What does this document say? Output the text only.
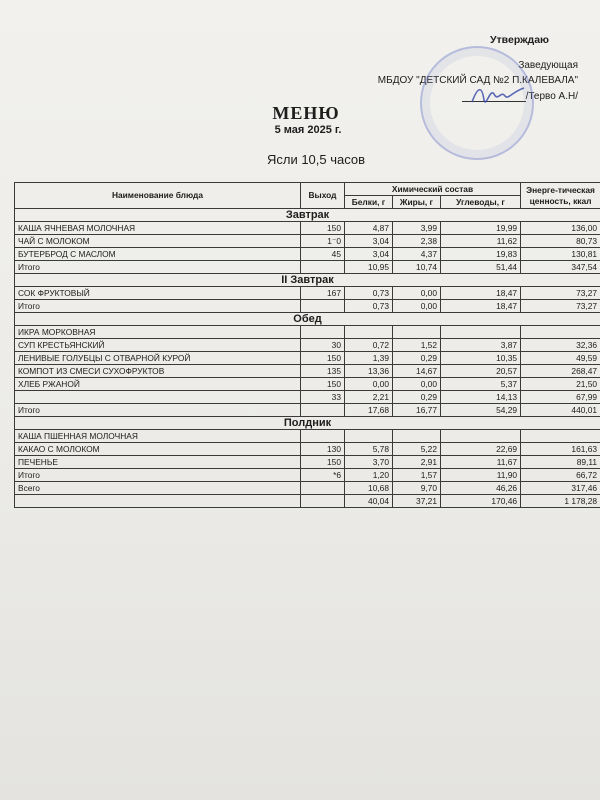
Утверждаю
Заведующая
МБДОУ "ДЕТСКИЙ САД №2 П.КАЛЕВАЛА"
/Терво А.Н/
МЕНЮ
5 мая 2025 г.
Ясли 10,5 часов
Наименование блюда	Выход	Химический состав			Энерге-тическая ценность, ккал
		Белки, г	Жиры, г	Углеводы, г	
Завтрак					
КАША ЯЧНЕВАЯ МОЛОЧНАЯ	150	4,87	3,99	19,99	136,00
ЧАЙ С МОЛОКОМ	1⁻0	3,04	2,38	11,62	80,73
БУТЕРБРОД С МАСЛОМ	45	3,04	4,37	19,83	130,81
Итого		10,95	10,74	51,44	347,54
II Завтрак					
СОК ФРУКТОВЫЙ	167	0,73	0,00	18,47	73,27
Итого		0,73	0,00	18,47	73,27
Обед					
ИКРА МОРКОВНАЯ					
СУП КРЕСТЬЯНСКИЙ	30	0,72	1,52	3,87	32,36
ЛЕНИВЫЕ ГОЛУБЦЫ С ОТВАРНОЙ КУРОЙ	150	1,39	0,29	10,35	49,59
КОМПОТ ИЗ СМЕСИ СУХОФРУКТОВ	135	13,36	14,67	20,57	268,47
ХЛЕБ РЖАНОЙ	150	0,00	0,00	5,37	21,50
	33	2,21	0,29	14,13	67,99
Итого		17,68	16,77	54,29	440,01
Полдник					
КАША ПШЕННАЯ МОЛОЧНАЯ					
КАКАО С МОЛОКОМ	130	5,78	5,22	22,69	161,63
ПЕЧЕНЬЕ	150	3,70	2,91	11,67	89,11
Итого	*6	1,20	1,57	11,90	66,72
Всего		10,68	9,70	46,26	317,46
		40,04	37,21	170,46	1 178,28
